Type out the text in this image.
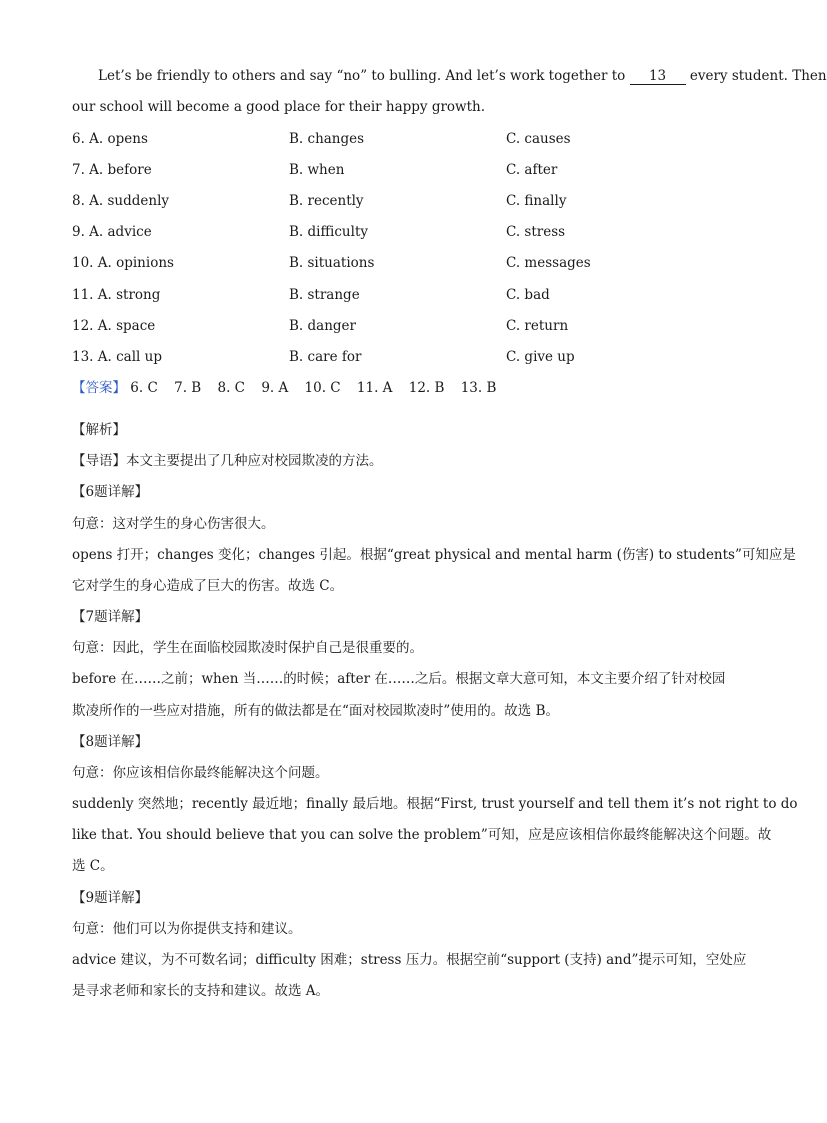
Let’s be friendly to others and say “no” to bulling. And let’s work together to 13 every student. Then
our school will become a good place for their happy growth.
6. A. opens	B. changes	C. causes
7. A. before	B. when	C. after
8. A. suddenly	B. recently	C. finally
9. A. advice	B. difficulty	C. stress
10. A. opinions	B. situations	C. messages
11. A. strong	B. strange	C. bad
12. A. space	B. danger	C. return
13. A. call up	B. care for	C. give up
【答案】 6. C 7. B 8. C 9. A 10. C 11. A 12. B 13. B
【解析】
【导语】本文主要提出了几种应对校园欺凌的方法。
【6题详解】
句意：这对学生的身心伤害很大。
opens 打开；changes 变化；changes 引起。根据“great physical and mental harm (伤害) to students”可知应是
它对学生的身心造成了巨大的伤害。故选 C。
【7题详解】
句意：因此，学生在面临校园欺凌时保护自己是很重要的。
before 在……之前；when 当……的时候；after 在……之后。根据文章大意可知，本文主要介绍了针对校园
欺凌所作的一些应对措施，所有的做法都是在“面对校园欺凌时”使用的。故选 B。
【8题详解】
句意：你应该相信你最终能解决这个问题。
suddenly 突然地；recently 最近地；finally 最后地。根据“First, trust yourself and tell them it’s not right to do
like that. You should believe that you can solve the problem”可知，应是应该相信你最终能解决这个问题。故
选 C。
【9题详解】
句意：他们可以为你提供支持和建议。
advice 建议，为不可数名词；difficulty 困难；stress 压力。根据空前“support (支持) and”提示可知，空处应
是寻求老师和家长的支持和建议。故选 A。
